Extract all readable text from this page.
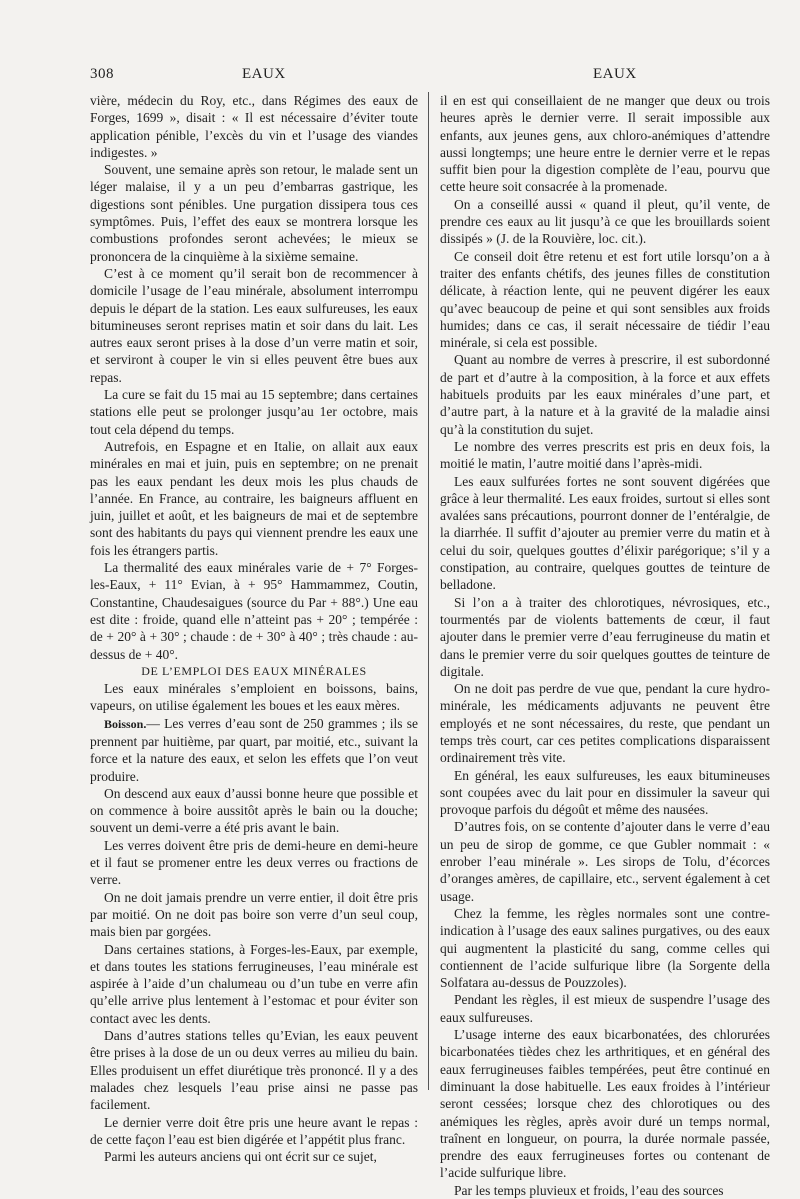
308	EAUX	EAUX

vière, médecin du Roy, etc., dans Régimes des eaux de Forges, 1699 », disait : « Il est nécessaire d’éviter toute application pénible, l’excès du vin et l’usage des viandes indigestes. »

Souvent, une semaine après son retour, le malade sent un léger malaise, il y a un peu d’embarras gastrique, les digestions sont pénibles. Une purgation dissipera tous ces symptômes. Puis, l’effet des eaux se montrera lorsque les combustions profondes seront achevées; le mieux se prononcera de la cinquième à la sixième semaine.

C’est à ce moment qu’il serait bon de recommencer à domicile l’usage de l’eau minérale, absolument interrompu depuis le départ de la station. Les eaux sulfureuses, les eaux bitumineuses seront reprises matin et soir dans du lait. Les autres eaux seront prises à la dose d’un verre matin et soir, et serviront à couper le vin si elles peuvent être bues aux repas.

La cure se fait du 15 mai au 15 septembre; dans certaines stations elle peut se prolonger jusqu’au 1er octobre, mais tout cela dépend du temps.

Autrefois, en Espagne et en Italie, on allait aux eaux minérales en mai et juin, puis en septembre; on ne prenait pas les eaux pendant les deux mois les plus chauds de l’année. En France, au contraire, les baigneurs affluent en juin, juillet et août, et les baigneurs de mai et de septembre sont des habitants du pays qui viennent prendre les eaux une fois les étrangers partis.

La thermalité des eaux minérales varie de + 7° Forges-les-Eaux, + 11° Evian, à + 95° Hammammez, Coutin, Constantine, Chaudesaigues (source du Par + 88°.) Une eau est dite : froide, quand elle n’atteint pas + 20° ; tempérée : de + 20° à + 30° ; chaude : de + 30° à 40° ; très chaude : au-dessus de + 40°.

DE L’EMPLOI DES EAUX MINÉRALES

Les eaux minérales s’emploient en boissons, bains, vapeurs, on utilise également les boues et les eaux mères.

Boisson.— Les verres d’eau sont de 250 grammes ; ils se prennent par huitième, par quart, par moitié, etc., suivant la force et la nature des eaux, et selon les effets que l’on veut produire.

On descend aux eaux d’aussi bonne heure que possible et on commence à boire aussitôt après le bain ou la douche; souvent un demi-verre a été pris avant le bain.

Les verres doivent être pris de demi-heure en demi-heure et il faut se promener entre les deux verres ou fractions de verre.

On ne doit jamais prendre un verre entier, il doit être pris par moitié. On ne doit pas boire son verre d’un seul coup, mais bien par gorgées.

Dans certaines stations, à Forges-les-Eaux, par exemple, et dans toutes les stations ferrugineuses, l’eau minérale est aspirée à l’aide d’un chalumeau ou d’un tube en verre afin qu’elle arrive plus lentement à l’estomac et pour éviter son contact avec les dents.

Dans d’autres stations telles qu’Evian, les eaux peuvent être prises à la dose de un ou deux verres au milieu du bain. Elles produisent un effet diurétique très prononcé. Il y a des malades chez lesquels l’eau prise ainsi ne passe pas facilement.

Le dernier verre doit être pris une heure avant le repas : de cette façon l’eau est bien digérée et l’appétit plus franc.

Parmi les auteurs anciens qui ont écrit sur ce sujet,

il en est qui conseillaient de ne manger que deux ou trois heures après le dernier verre. Il serait impossible aux enfants, aux jeunes gens, aux chloro-anémiques d’attendre aussi longtemps; une heure entre le dernier verre et le repas suffit bien pour la digestion complète de l’eau, pourvu que cette heure soit consacrée à la promenade.

On a conseillé aussi « quand il pleut, qu’il vente, de prendre ces eaux au lit jusqu’à ce que les brouillards soient dissipés » (J. de la Rouvière, loc. cit.).

Ce conseil doit être retenu et est fort utile lorsqu’on a à traiter des enfants chétifs, des jeunes filles de constitution délicate, à réaction lente, qui ne peuvent digérer les eaux qu’avec beaucoup de peine et qui sont sensibles aux froids humides; dans ce cas, il serait nécessaire de tiédir l’eau minérale, si cela est possible.

Quant au nombre de verres à prescrire, il est subordonné de part et d’autre à la composition, à la force et aux effets habituels produits par les eaux minérales d’une part, et d’autre part, à la nature et à la gravité de la maladie ainsi qu’à la constitution du sujet.

Le nombre des verres prescrits est pris en deux fois, la moitié le matin, l’autre moitié dans l’après-midi.

Les eaux sulfurées fortes ne sont souvent digérées que grâce à leur thermalité. Les eaux froides, surtout si elles sont avalées sans précautions, pourront donner de l’entéralgie, de la diarrhée. Il suffit d’ajouter au premier verre du matin et à celui du soir, quelques gouttes d’élixir parégorique; s’il y a constipation, au contraire, quelques gouttes de teinture de belladone.

Si l’on a à traiter des chlorotiques, névrosiques, etc., tourmentés par de violents battements de cœur, il faut ajouter dans le premier verre d’eau ferrugineuse du matin et dans le premier verre du soir quelques gouttes de teinture de digitale.

On ne doit pas perdre de vue que, pendant la cure hydro-minérale, les médicaments adjuvants ne peuvent être employés et ne sont nécessaires, du reste, que pendant un temps très court, car ces petites complications disparaissent ordinairement très vite.

En général, les eaux sulfureuses, les eaux bitumineuses sont coupées avec du lait pour en dissimuler la saveur qui provoque parfois du dégoût et même des nausées.

D’autres fois, on se contente d’ajouter dans le verre d’eau un peu de sirop de gomme, ce que Gubler nommait : « enrober l’eau minérale ». Les sirops de Tolu, d’écorces d’oranges amères, de capillaire, etc., servent également à cet usage.

Chez la femme, les règles normales sont une contre-indication à l’usage des eaux salines purgatives, ou des eaux qui augmentent la plasticité du sang, comme celles qui contiennent de l’acide sulfurique libre (la Sorgente della Solfatara au-dessus de Pouzzoles).

Pendant les règles, il est mieux de suspendre l’usage des eaux sulfureuses.

L’usage interne des eaux bicarbonatées, des chlorurées bicarbonatées tièdes chez les arthritiques, et en général des eaux ferrugineuses faibles tempérées, peut être continué en diminuant la dose habituelle. Les eaux froides à l’intérieur seront cessées; lorsque chez des chlorotiques ou des anémiques les règles, après avoir duré un temps normal, traînent en longueur, on pourra, la durée normale passée, prendre des eaux ferrugineuses fortes ou contenant de l’acide sulfurique libre.

Par les temps pluvieux et froids, l’eau des sources
